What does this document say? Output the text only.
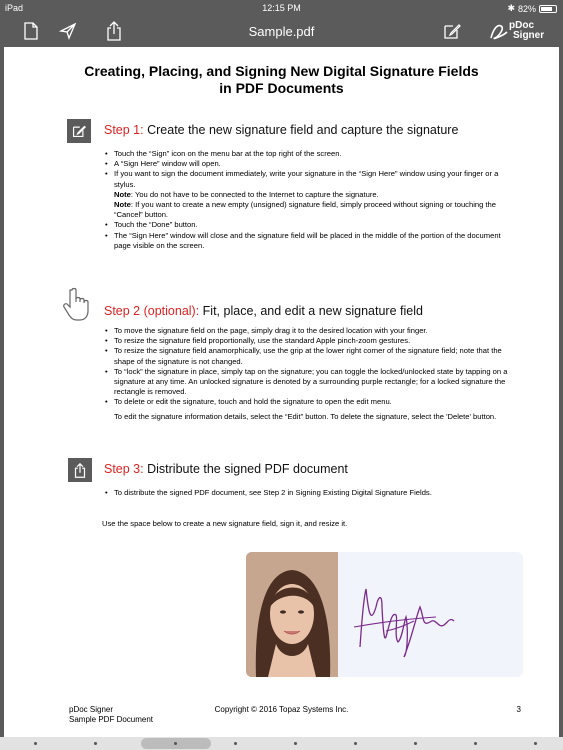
iPad	12:15 PM	✱ 82%
Sample.pdf	pDoc
Signer
Creating, Placing, and Signing New Digital Signature Fields
in PDF Documents
Step 1: Create the new signature field and capture the signature
• Touch the “Sign” icon on the menu bar at the top right of the screen.
• A “Sign Here” window will open.
• If you want to sign the document immediately, write your signature in the “Sign Here” window using your finger or a stylus.
Note: You do not have to be connected to the Internet to capture the signature.
Note: If you want to create a new empty (unsigned) signature field, simply proceed without signing or touching the “Cancel” button.
• Touch the “Done” button.
• The “Sign Here” window will close and the signature field will be placed in the middle of the portion of the document page visible on the screen.
Step 2 (optional): Fit, place, and edit a new signature field
• To move the signature field on the page, simply drag it to the desired location with your finger.
• To resize the signature field proportionally, use the standard Apple pinch-zoom gestures.
• To resize the signature field anamorphically, use the grip at the lower right corner of the signature field; note that the shape of the signature is not changed.
• To “lock” the signature in place, simply tap on the signature; you can toggle the locked/unlocked state by tapping on a signature at any time. An unlocked signature is denoted by a surrounding purple rectangle; for a locked signature the rectangle is removed.
• To delete or edit the signature, touch and hold the signature to open the edit menu.
To edit the signature information details, select the “Edit” button. To delete the signature, select the 'Delete' button.
Step 3: Distribute the signed PDF document
• To distribute the signed PDF document, see Step 2 in Signing Existing Digital Signature Fields.
Use the space below to create a new signature field, sign it, and resize it.
pDoc Signer
Sample PDF Document
Copyright © 2016 Topaz Systems Inc.	3
